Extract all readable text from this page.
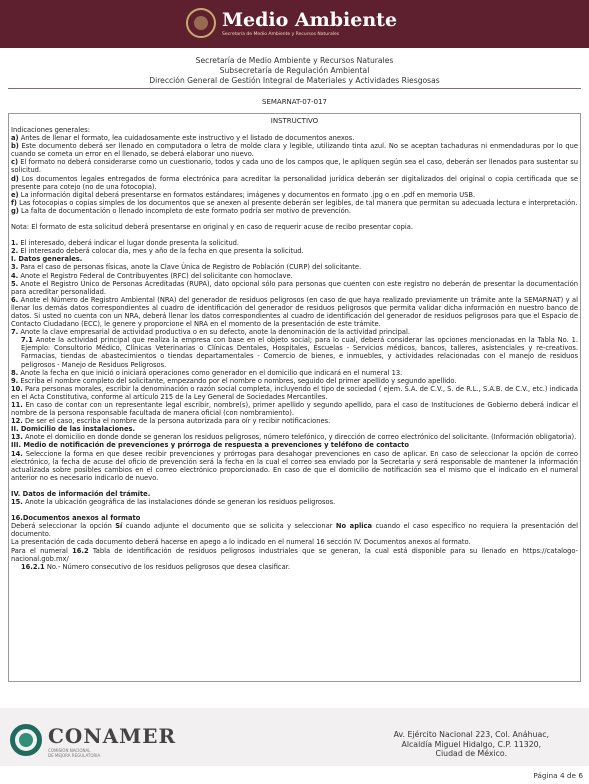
Medio Ambiente
Secretaría de Medio Ambiente y Recursos Naturales
Secretaría de Medio Ambiente y Recursos Naturales
Subsecretaría de Regulación Ambiental
Dirección General de Gestión Integral de Materiales y Actividades Riesgosas
SEMARNAT-07-017
INSTRUCTIVO

Indicaciones generales:

a) Antes de llenar el formato, lea cuidadosamente este instructivo y el listado de documentos anexos.

b) Este documento deberá ser llenado en computadora o letra de molde clara y legible, utilizando tinta azul. No se aceptan tachaduras ni enmendaduras por lo que cuando se cometa un error en el llenado, se deberá elaborar uno nuevo.

c) El formato no deberá considerarse como un cuestionario, todos y cada uno de los campos que, le apliquen según sea el caso, deberán ser llenados para sustentar su solicitud.

d) Los documentos legales entregados de forma electrónica para acreditar la personalidad jurídica deberán ser digitalizados del original o copia certificada que se presente para cotejo (no de una fotocopia).

e) La información digital deberá presentarse en formatos estándares; imágenes y documentos en formato .jpg o en .pdf en memoria USB.

f) Las fotocopias o copias simples de los documentos que se anexen al presente deberán ser legibles, de tal manera que permitan su adecuada lectura e interpretación.

g) La falta de documentación o llenado incompleto de este formato podría ser motivo de prevención.

Nota: El formato de esta solicitud deberá presentarse en original y en caso de requerir acuse de recibo presentar copia.

1. El interesado, deberá indicar el lugar donde presenta la solicitud.

2. El interesado deberá colocar día, mes y año de la fecha en que presenta la solicitud.

I. Datos generales.

3. Para el caso de personas físicas, anote la Clave Única de Registro de Población (CURP) del solicitante.

4. Anote el Registro Federal de Contribuyentes (RFC) del solicitante con homoclave.

5. Anote el Registro Único de Personas Acreditadas (RUPA), dato opcional sólo para personas que cuenten con este registro no deberán de presentar la documentación para acreditar personalidad.

6. Anote el Número de Registro Ambiental (NRA) del generador de residuos peligrosos (en caso de que haya realizado previamente un trámite ante la SEMARNAT) y al llenar los demás datos correspondientes al cuadro de identificación del generador de residuos peligrosos que permita validar dicha información en nuestro banco de datos. Si usted no cuenta con un NRA, deberá llenar los datos correspondientes al cuadro de identificación del generador de residuos peligrosos para que el Espacio de Contacto Ciudadano (ECC), le genere y proporcione el NRA en el momento de la presentación de este trámite.

7. Anote la clave empresarial de actividad productiva o en su defecto, anote la denominación de la actividad principal.

7.1 Anote la actividad principal que realiza la empresa con base en el objeto social; para lo cual, deberá considerar las opciones mencionadas en la Tabla No. 1. Ejemplo: Consultorio Médico, Clínicas Veterinarias o Clínicas Dentales, Hospitales, Escuelas - Servicios médicos, bancos, talleres, asistenciales y re-creativos. Farmacias, tiendas de abastecimientos o tiendas departamentales - Comercio de bienes, e inmuebles, y actividades relacionadas con el manejo de residuos peligrosos - Manejo de Residuos Peligrosos.

8. Anote la fecha en que inició o iniciará operaciones como generador en el domicilio que indicará en el numeral 13.

9. Escriba el nombre completo del solicitante, empezando por el nombre o nombres, seguido del primer apellido y segundo apellido.

10. Para personas morales, escribir la denominación o razón social completa, incluyendo el tipo de sociedad ( ejem. S.A. de C.V., S. de R.L., S.A.B. de C.V., etc.) indicada en el Acta Constitutiva, conforme al artículo 215 de la Ley General de Sociedades Mercantiles.

11. En caso de contar con un representante legal escribir, nombre(s), primer apellido y segundo apellido, para el caso de Instituciones de Gobierno deberá indicar el nombre de la persona responsable facultada de manera oficial (con nombramiento).

12. De ser el caso, escriba el nombre de la persona autorizada para oír y recibir notificaciones.

II. Domicilio de las instalaciones.

13. Anote el domicilio en donde donde se generan los residuos peligrosos, número telefónico, y dirección de correo electrónico del solicitante. (Información obligatoria).

III. Medio de notificación de prevenciones y prórroga de respuesta a prevenciones y teléfono de contacto

14. Seleccione la forma en que desee recibir prevenciones y prórrogas para desahogar prevenciones en caso de aplicar. En caso de seleccionar la opción de correo electrónico, la fecha de acuse del oficio de prevención será la fecha en la cual el correo sea enviado por la Secretaría y será responsable de mantener la información actualizada sobre posibles cambios en el correo electrónico proporcionado. En caso de que el domicilio de notificación sea el mismo que el indicado en el numeral anterior no es necesario indicarlo de nuevo.

IV. Datos de información del trámite.

15. Anote la ubicación geográfica de las instalaciones dónde se generan los residuos peligrosos.

16.Documentos anexos al formato

Deberá seleccionar la opción Sí cuando adjunte el documento que se solicita y seleccionar No aplica cuando el caso específico no requiera la presentación del documento.

La presentación de cada documento deberá hacerse en apego a lo indicado en el numeral 16 sección IV. Documentos anexos al formato.

Para el numeral 16.2 Tabla de identificación de residuos peligrosos industriales que se generan, la cual está disponible para su llenado en https://catalogo-nacional.gob.mx/

16.2.1 No.- Número consecutivo de los residuos peligrosos que desea clasificar.

CONAMER
COMISIÓN NACIONAL
DE MEJORA REGULATORIA
Av. Ejército Nacional 223, Col. Anáhuac,
Alcaldía Miguel Hidalgo, C.P. 11320,
Ciudad de México.
Página 4 de 6
